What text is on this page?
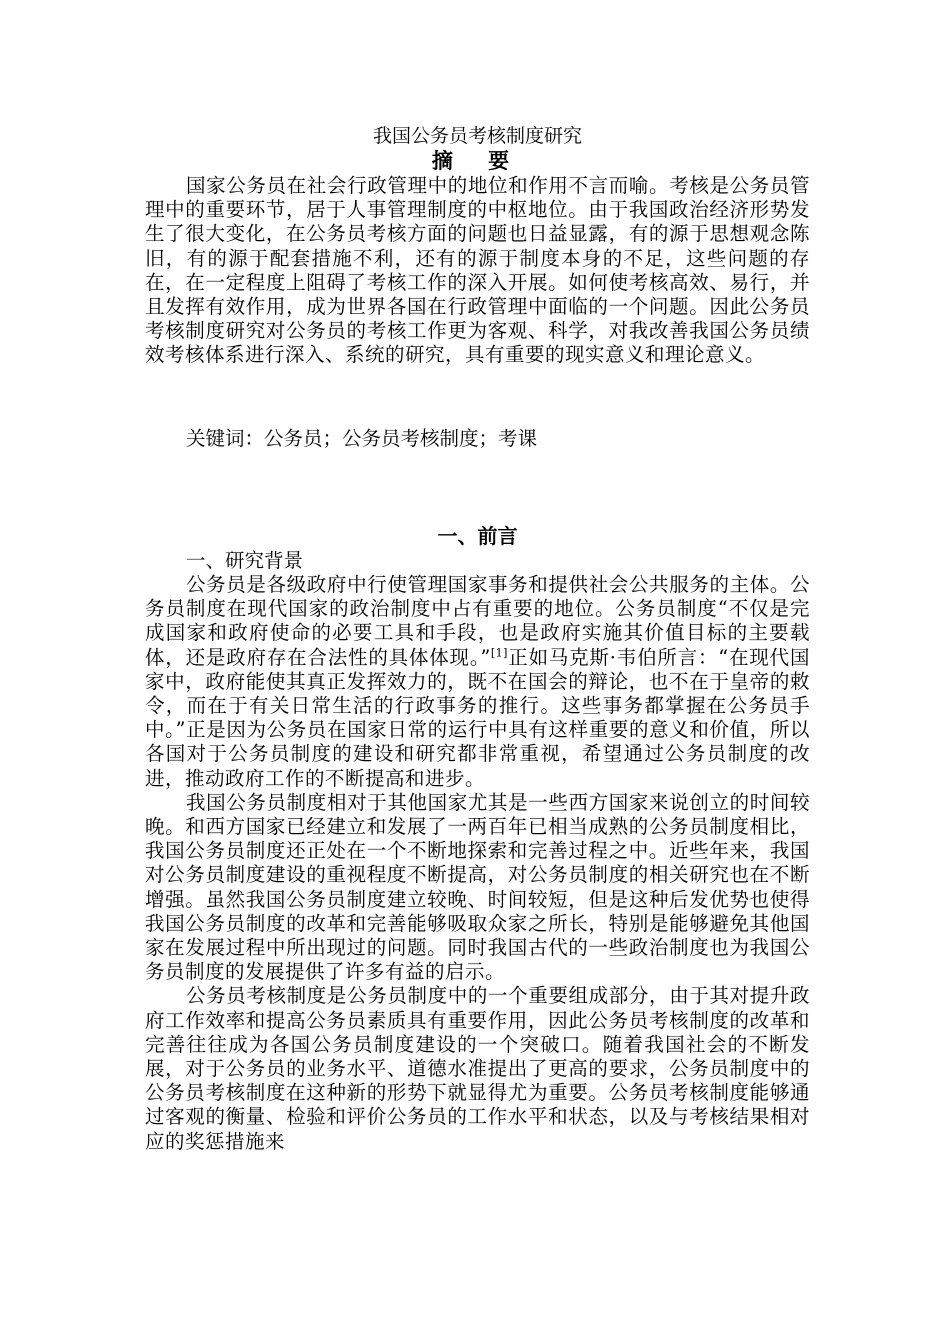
我国公务员考核制度研究
摘 要

国家公务员在社会行政管理中的地位和作用不言而喻。考核是公务员管理中的重要环节，居于人事管理制度的中枢地位。由于我国政治经济形势发生了很大变化，在公务员考核方面的问题也日益显露，有的源于思想观念陈旧，有的源于配套措施不利，还有的源于制度本身的不足，这些问题的存在，在一定程度上阻碍了考核工作的深入开展。如何使考核高效、易行，并且发挥有效作用，成为世界各国在行政管理中面临的一个问题。因此公务员考核制度研究对公务员的考核工作更为客观、科学，对我改善我国公务员绩效考核体系进行深入、系统的研究，具有重要的现实意义和理论意义。

关键词：公务员；公务员考核制度；考课
一、前言
一、研究背景

公务员是各级政府中行使管理国家事务和提供社会公共服务的主体。公务员制度在现代国家的政治制度中占有重要的地位。公务员制度“不仅是完成国家和政府使命的必要工具和手段，也是政府实施其价值目标的主要载体，还是政府存在合法性的具体体现。”[1]正如马克斯·韦伯所言：“在现代国家中，政府能使其真正发挥效力的，既不在国会的辩论，也不在于皇帝的敕令，而在于有关日常生活的行政事务的推行。这些事务都掌握在公务员手中。”正是因为公务员在国家日常的运行中具有这样重要的意义和价值，所以各国对于公务员制度的建设和研究都非常重视，希望通过公务员制度的改进，推动政府工作的不断提高和进步。

我国公务员制度相对于其他国家尤其是一些西方国家来说创立的时间较晚。和西方国家已经建立和发展了一两百年已相当成熟的公务员制度相比，我国公务员制度还正处在一个不断地探索和完善过程之中。近些年来，我国对公务员制度建设的重视程度不断提高，对公务员制度的相关研究也在不断增强。虽然我国公务员制度建立较晚、时间较短，但是这种后发优势也使得我国公务员制度的改革和完善能够吸取众家之所长，特别是能够避免其他国家在发展过程中所出现过的问题。同时我国古代的一些政治制度也为我国公务员制度的发展提供了许多有益的启示。

公务员考核制度是公务员制度中的一个重要组成部分，由于其对提升政府工作效率和提高公务员素质具有重要作用，因此公务员考核制度的改革和完善往往成为各国公务员制度建设的一个突破口。随着我国社会的不断发展，对于公务员的业务水平、道德水准提出了更高的要求，公务员制度中的公务员考核制度在这种新的形势下就显得尤为重要。公务员考核制度能够通过客观的衡量、检验和评价公务员的工作水平和状态，以及与考核结果相对应的奖惩措施来
